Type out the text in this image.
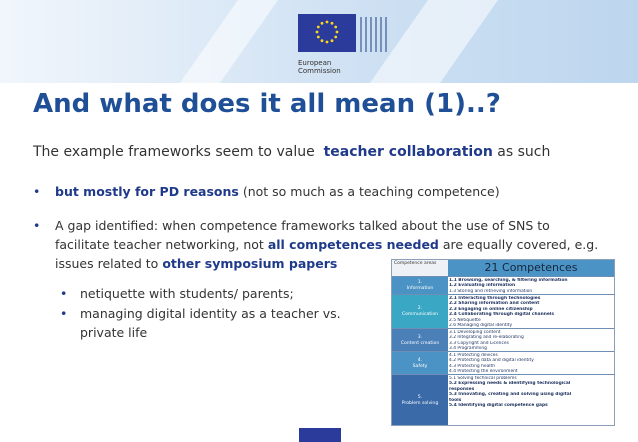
European
Commission
And what does it all mean (1)..?
The example frameworks seem to value teacher collaboration as such
• but mostly for PD reasons (not so much as a teaching competence)
• A gap identified: when competence frameworks talked about the use of SNS to facilitate teacher networking, not all competences needed are equally covered, e.g. issues related to other symposium papers
• netiquette with students/ parents;
• managing digital identity as a teacher vs. private life
Competence areas	21 Competences
1.
Information
1.1 Browsing, searching, & filtering information
1.2 Evaluating information
1.3 Storing and retrieving information
2.
Communication
2.1 Interacting through technologies
2.2 Sharing information and content
2.3 Engaging in online citizenship
2.4 Collaborating through digital channels
2.5 Netiquette
2.6 Managing digital identity
3.
Content creation
3.1 Developing content
3.2 Integrating and re-elaborating
3.3 Copyright and Licences
3.4 Programming
4.
Safety
4.1 Protecting devices
4.2 Protecting data and digital identity
4.3 Protecting health
4.4 Protecting the environment
5.
Problem solving
5.1 Solving technical problems
5.2 Expressing needs & identifying technological
responses
5.3 Innovating, creating and solving using digital
tools
5.4 Identifying digital competence gaps
